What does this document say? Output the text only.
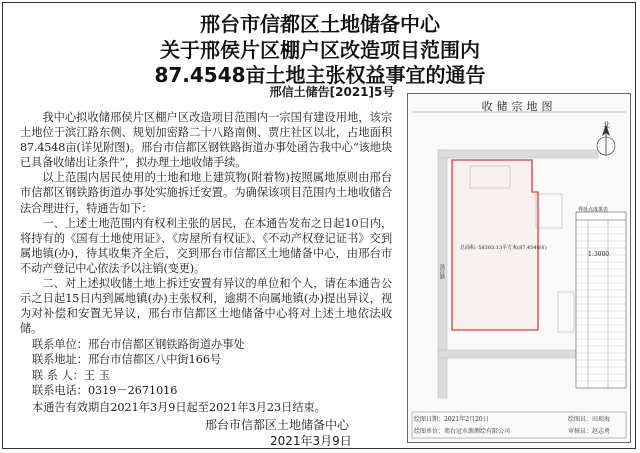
邢台市信都区土地储备中心
关于邢侯片区棚户区改造项目范围内
87.4548亩土地主张权益事宜的通告
邢信土储告[2021]5号

我中心拟收储邢侯片区棚户区改造项目范围内一宗国有建设用地，该宗土地位于滨江路东侧、规划加密路二十八路南侧、贾庄社区以北，占地面积87.4548亩(详见附图)。邢台市信都区钢铁路街道办事处函告我中心“该地块已具备收储出让条件”，拟办理土地收储手续。

以上范围内居民使用的土地和地上建筑物(附着物)按照属地原则由邢台市信都区钢铁路街道办事处实施拆迁安置。为确保该项目范围内土地收储合法合理进行，特通告如下：

一、上述土地范围内有权利主张的居民，在本通告发布之日起10日内，将持有的《国有土地使用证》、《房屋所有权证》、《不动产权登记证书》交到属地镇(办)，待其收集齐全后，交到邢台市信都区土地储备中心，由邢台市不动产登记中心依法予以注销(变更)。

二、对上述拟收储土地上拆迁安置有异议的单位和个人，请在本通告公示之日起15日内到属地镇(办)主张权利，逾期不向属地镇(办)提出异议，视为对补偿和安置无异议，邢台市信都区土地储备中心将对上述土地依法收储。

联系单位：邢台市信都区钢铁路街道办事处
联系地址：邢台市信都区八中街166号
联 系 人：王 玉
联系电话：0319－2671016
本通告有效期自2021年3月9日起至2021年3月23日结束。
邢台市信都区土地储备中心
2021年3月9日
收储宗地图
北
1:3000
界址点成果表
总面积: 58303.13平方米(87.4548亩)
滨江路
绘图日期：2021年2月20日
绘图单位：邢台冠水源测绘有限公司
绘图员：田琼海
审核员：赵志勇
